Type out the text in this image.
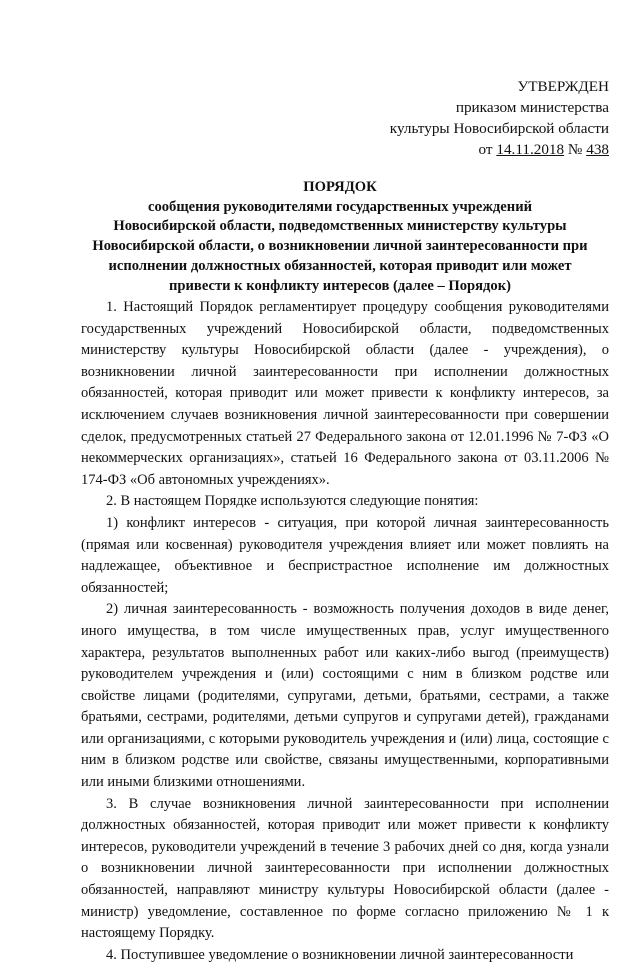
УТВЕРЖДЕН
приказом министерства
культуры Новосибирской области
от 14.11.2018 № 438
ПОРЯДОК
сообщения руководителями государственных учреждений
Новосибирской области, подведомственных министерству культуры
Новосибирской области, о возникновении личной заинтересованности при
исполнении должностных обязанностей, которая приводит или может
привести к конфликту интересов (далее – Порядок)

1. Настоящий Порядок регламентирует процедуру сообщения руководителями государственных учреждений Новосибирской области, подведомственных министерству культуры Новосибирской области (далее - учреждения), о возникновении личной заинтересованности при исполнении должностных обязанностей, которая приводит или может привести к конфликту интересов, за исключением случаев возникновения личной заинтересованности при совершении сделок, предусмотренных статьей 27 Федерального закона от 12.01.1996 № 7-ФЗ «О некоммерческих организациях», статьей 16 Федерального закона от 03.11.2006 № 174-ФЗ «Об автономных учреждениях».

2. В настоящем Порядке используются следующие понятия:

1) конфликт интересов - ситуация, при которой личная заинтересованность (прямая или косвенная) руководителя учреждения влияет или может повлиять на надлежащее, объективное и беспристрастное исполнение им должностных обязанностей;

2) личная заинтересованность - возможность получения доходов в виде денег, иного имущества, в том числе имущественных прав, услуг имущественного характера, результатов выполненных работ или каких-либо выгод (преимуществ) руководителем учреждения и (или) состоящими с ним в близком родстве или свойстве лицами (родителями, супругами, детьми, братьями, сестрами, а также братьями, сестрами, родителями, детьми супругов и супругами детей), гражданами или организациями, с которыми руководитель учреждения и (или) лица, состоящие с ним в близком родстве или свойстве, связаны имущественными, корпоративными или иными близкими отношениями.

3. В случае возникновения личной заинтересованности при исполнении должностных обязанностей, которая приводит или может привести к конфликту интересов, руководители учреждений в течение 3 рабочих дней со дня, когда узнали о возникновении личной заинтересованности при исполнении должностных обязанностей, направляют министру культуры Новосибирской области (далее - министр) уведомление, составленное по форме согласно приложению № 1 к настоящему Порядку.

4. Поступившее уведомление о возникновении личной заинтересованности
